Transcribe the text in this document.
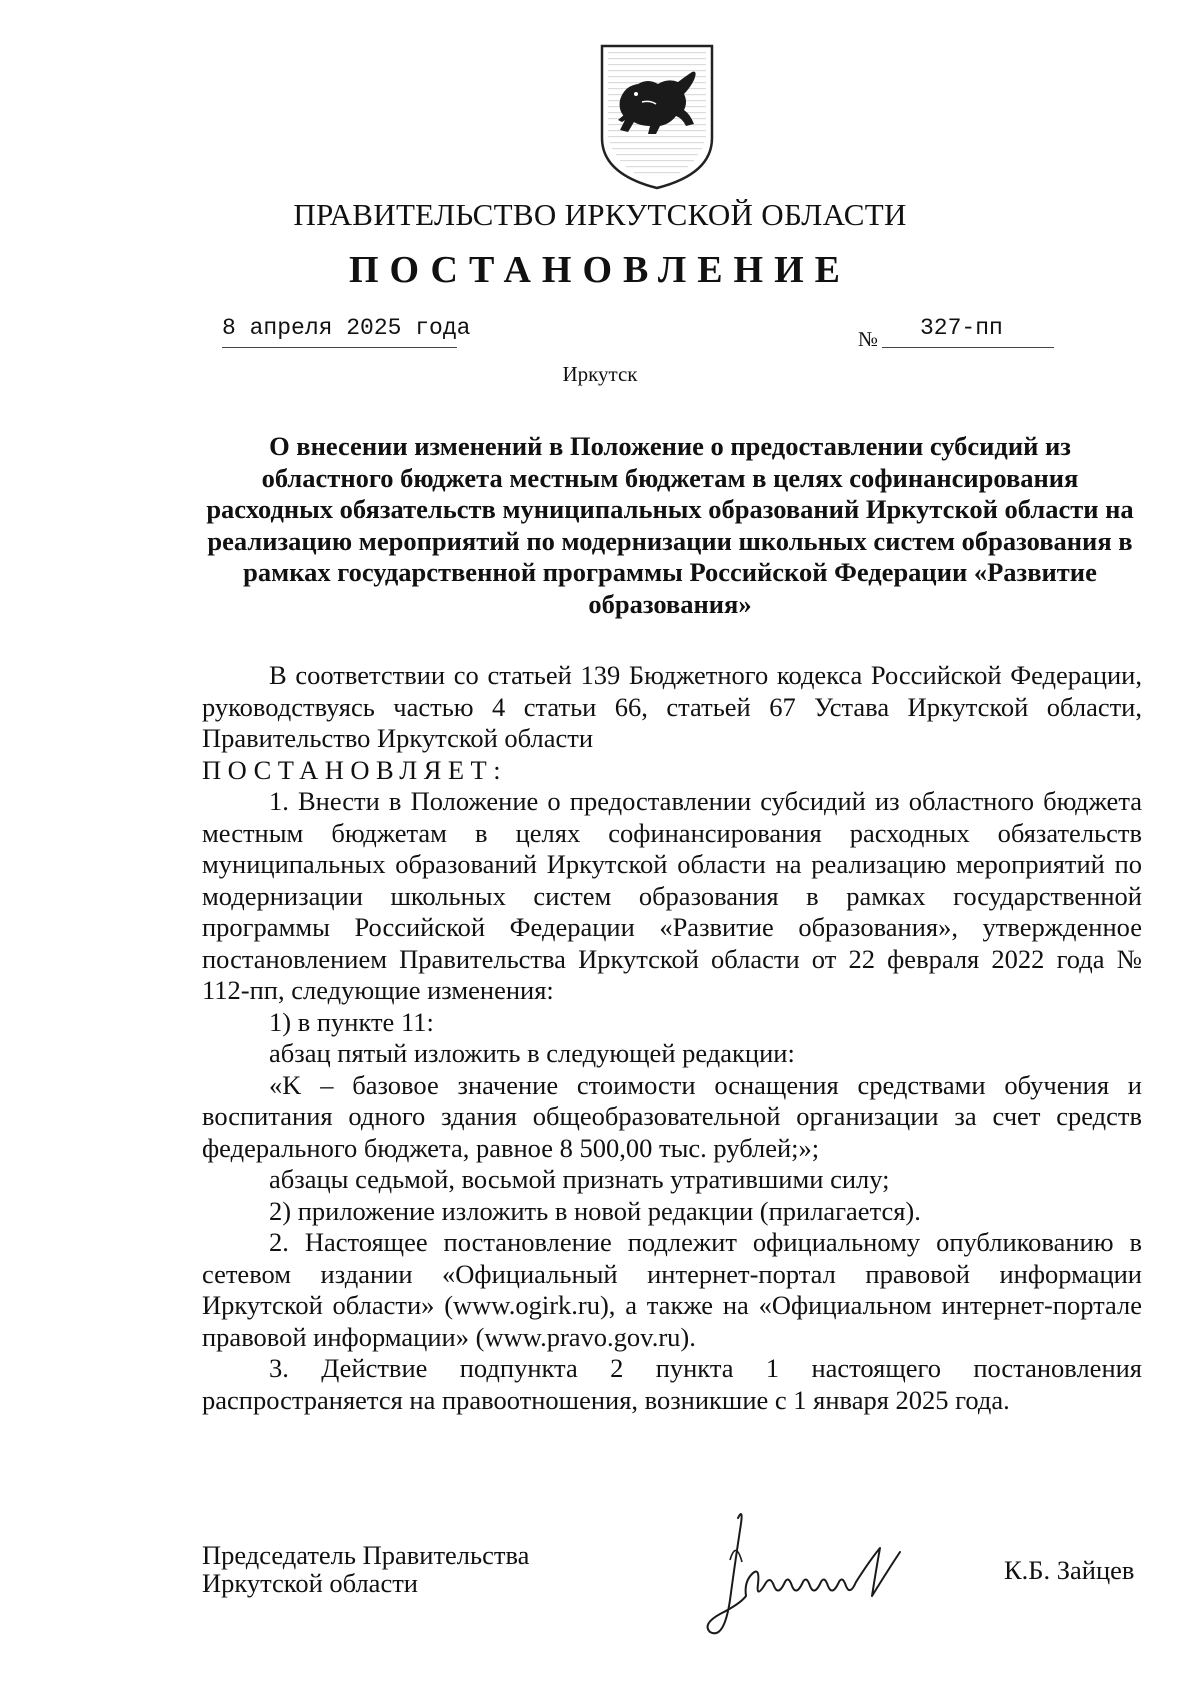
ПРАВИТЕЛЬСТВО ИРКУТСКОЙ ОБЛАСТИ
ПОСТАНОВЛЕНИЕ
8 апреля 2025 года	№ 327-пп
Иркутск
О внесении изменений в Положение о предоставлении субсидий из областного бюджета местным бюджетам в целях софинансирования расходных обязательств муниципальных образований Иркутской области на реализацию мероприятий по модернизации школьных систем образования в рамках государственной программы Российской Федерации «Развитие образования»

В соответствии со статьей 139 Бюджетного кодекса Российской Федерации, руководствуясь частью 4 статьи 66, статьей 67 Устава Иркутской области, Правительство Иркутской области

ПОСТАНОВЛЯЕТ:

1. Внести в Положение о предоставлении субсидий из областного бюджета местным бюджетам в целях софинансирования расходных обязательств муниципальных образований Иркутской области на реализацию мероприятий по модернизации школьных систем образования в рамках государственной программы Российской Федерации «Развитие образования», утвержденное постановлением Правительства Иркутской области от 22 февраля 2022 года № 112-пп, следующие изменения:

1) в пункте 11:

абзац пятый изложить в следующей редакции:

«K – базовое значение стоимости оснащения средствами обучения и воспитания одного здания общеобразовательной организации за счет средств федерального бюджета, равное 8 500,00 тыс. рублей;»;

абзацы седьмой, восьмой признать утратившими силу;

2) приложение изложить в новой редакции (прилагается).

2. Настоящее постановление подлежит официальному опубликованию в сетевом издании «Официальный интернет-портал правовой информации Иркутской области» (www.ogirk.ru), а также на «Официальном интернет-портале правовой информации» (www.pravo.gov.ru).

3. Действие подпункта 2 пункта 1 настоящего постановления распространяется на правоотношения, возникшие с 1 января 2025 года.

Председатель Правительства
Иркутской области	К.Б. Зайцев
